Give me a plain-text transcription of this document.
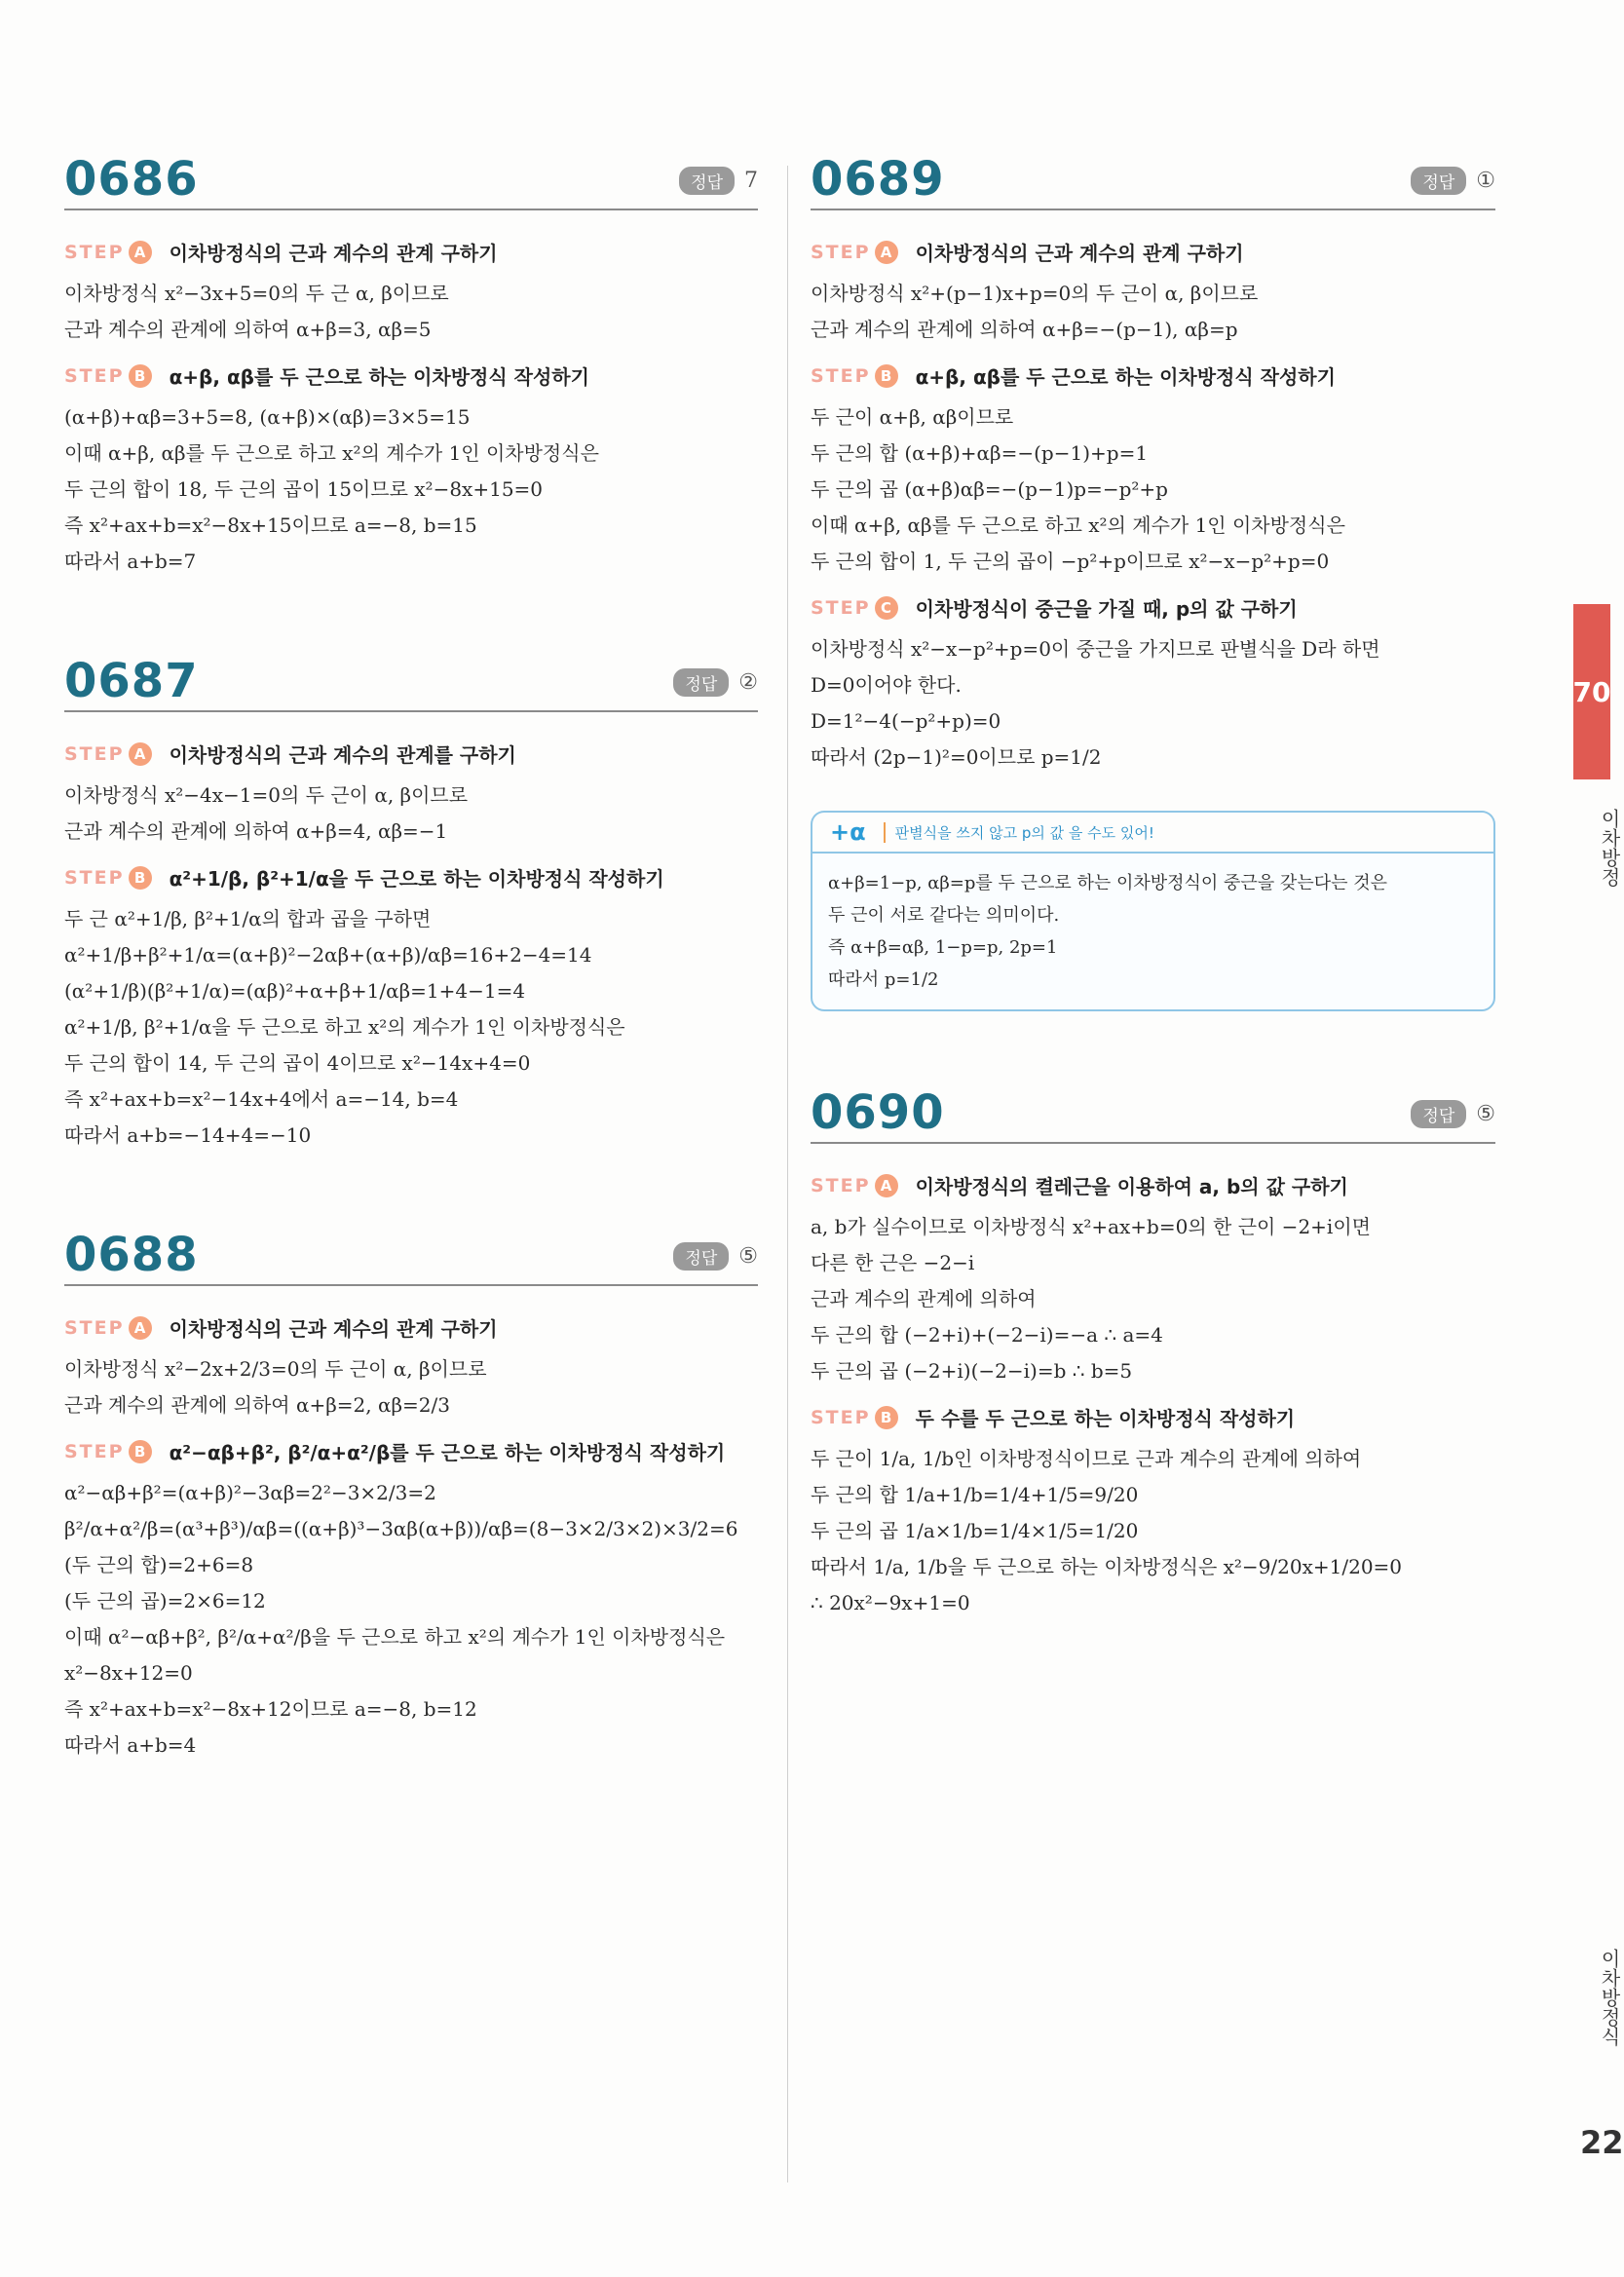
0686	정답	7
STEP A	이차방정식의 근과 계수의 관계 구하기
이차방정식 x²−3x+5=0의 두 근 α, β이므로
근과 계수의 관계에 의하여 α+β=3, αβ=5
STEP B	α+β, αβ를 두 근으로 하는 이차방정식 작성하기
(α+β)+αβ=3+5=8, (α+β)×(αβ)=3×5=15
이때 α+β, αβ를 두 근으로 하고 x²의 계수가 1인 이차방정식은
두 근의 합이 18, 두 근의 곱이 15이므로 x²−8x+15=0
즉 x²+ax+b=x²−8x+15이므로 a=−8, b=15
따라서 a+b=7
0687	정답	②
STEP A	이차방정식의 근과 계수의 관계를 구하기
이차방정식 x²−4x−1=0의 두 근이 α, β이므로
근과 계수의 관계에 의하여 α+β=4, αβ=−1
STEP B	α²+1/β, β²+1/α을 두 근으로 하는 이차방정식 작성하기
두 근 α²+1/β, β²+1/α의 합과 곱을 구하면
α²+1/β+β²+1/α=(α+β)²−2αβ+(α+β)/αβ=16+2−4=14
(α²+1/β)(β²+1/α)=(αβ)²+α+β+1/αβ=1+4−1=4
α²+1/β, β²+1/α을 두 근으로 하고 x²의 계수가 1인 이차방정식은
두 근의 합이 14, 두 근의 곱이 4이므로 x²−14x+4=0
즉 x²+ax+b=x²−14x+4에서 a=−14, b=4
따라서 a+b=−14+4=−10
0688	정답	⑤
STEP A	이차방정식의 근과 계수의 관계 구하기
이차방정식 x²−2x+2/3=0의 두 근이 α, β이므로
근과 계수의 관계에 의하여 α+β=2, αβ=2/3
STEP B	α²−αβ+β², β²/α+α²/β를 두 근으로 하는 이차방정식 작성하기
α²−αβ+β²=(α+β)²−3αβ=2²−3×2/3=2
β²/α+α²/β=(α³+β³)/αβ=((α+β)³−3αβ(α+β))/αβ=(8−3×2/3×2)×3/2=6
(두 근의 합)=2+6=8
(두 근의 곱)=2×6=12
이때 α²−αβ+β², β²/α+α²/β을 두 근으로 하고 x²의 계수가 1인 이차방정식은
x²−8x+12=0
즉 x²+ax+b=x²−8x+12이므로 a=−8, b=12
따라서 a+b=4
0689	정답	①
STEP A	이차방정식의 근과 계수의 관계 구하기
이차방정식 x²+(p−1)x+p=0의 두 근이 α, β이므로
근과 계수의 관계에 의하여 α+β=−(p−1), αβ=p
STEP B	α+β, αβ를 두 근으로 하는 이차방정식 작성하기
두 근이 α+β, αβ이므로
두 근의 합 (α+β)+αβ=−(p−1)+p=1
두 근의 곱 (α+β)αβ=−(p−1)p=−p²+p
이때 α+β, αβ를 두 근으로 하고 x²의 계수가 1인 이차방정식은
두 근의 합이 1, 두 근의 곱이 −p²+p이므로 x²−x−p²+p=0
STEP C	이차방정식이 중근을 가질 때, p의 값 구하기
이차방정식 x²−x−p²+p=0이 중근을 가지므로 판별식을 D라 하면
D=0이어야 한다.
D=1²−4(−p²+p)=0
따라서 (2p−1)²=0이므로 p=1/2
+α	판별식을 쓰지 않고 p의 값 을 수도 있어!
α+β=1−p, αβ=p를 두 근으로 하는 이차방정식이 중근을 갖는다는 것은
두 근이 서로 같다는 의미이다.
즉 α+β=αβ, 1−p=p, 2p=1
따라서 p=1/2
0690	정답	⑤
STEP A	이차방정식의 켤레근을 이용하여 a, b의 값 구하기
a, b가 실수이므로 이차방정식 x²+ax+b=0의 한 근이 −2+i이면
다른 한 근은 −2−i
근과 계수의 관계에 의하여
두 근의 합 (−2+i)+(−2−i)=−a ∴ a=4
두 근의 곱 (−2+i)(−2−i)=b ∴ b=5
STEP B	두 수를 두 근으로 하는 이차방정식 작성하기
두 근이 1/a, 1/b인 이차방정식이므로 근과 계수의 관계에 의하여
두 근의 합 1/a+1/b=1/4+1/5=9/20
두 근의 곱 1/a×1/b=1/4×1/5=1/20
따라서 1/a, 1/b을 두 근으로 하는 이차방정식은 x²−9/20x+1/20=0
∴ 20x²−9x+1=0
70
이차방정
이차방정식
22
